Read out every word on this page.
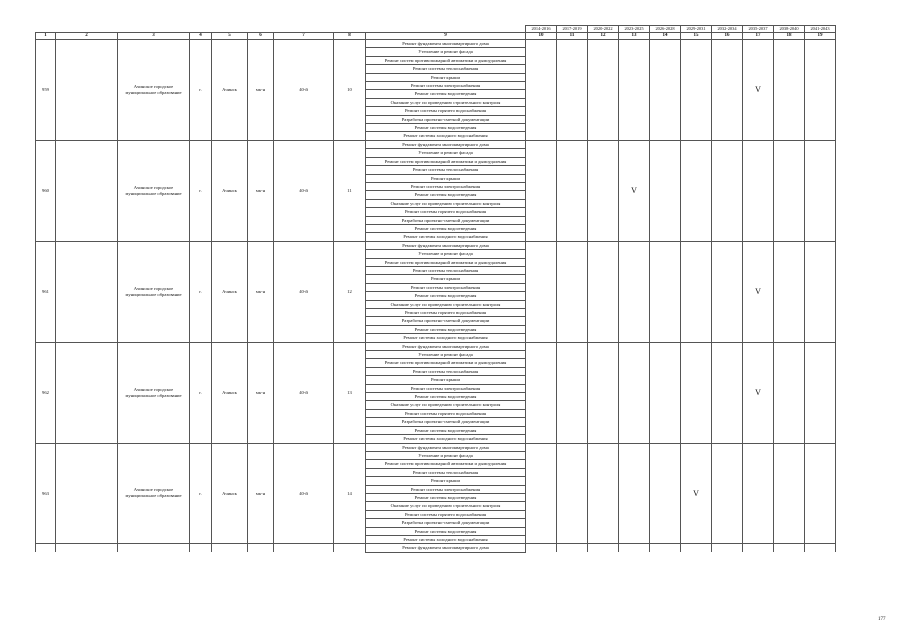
									2014-2016	2017-2019	2020-2022	2023-2025	2026-2028	2029-2031	2032-2034	2035-2037	2038-2040	2041-2043
1	2	3	4	5	6	7	8	9	10	11	12	13	14	15	16	17	18	19
959		Ачинское городское муниципальное образование	г.	Ачинск	мк-н	40-й	10	Ремонт фундамента многоквартирного дома								V		
								Утепление и ремонт фасада										
								Ремонт систем противопожарной автоматики и дымоудаления										
								Ремонт системы теплоснабжения										
								Ремонт крыши										
								Ремонт системы электроснабжения										
								Ремонт системы водоотведения										
								Оказание услуг по проведению строительного контроля										
								Ремонт системы горячего водоснабжения										
								Разработка проектно-сметной документации										
								Ремонт системы водоотведения										
								Ремонт системы холодного водоснабжения										
960		Ачинское городское муниципальное образование	г.	Ачинск	мк-н	40-й	11	Ремонт фундамента многоквартирного дома				V						
								Утепление и ремонт фасада										
								Ремонт систем противопожарной автоматики и дымоудаления										
								Ремонт системы теплоснабжения										
								Ремонт крыши										
								Ремонт системы электроснабжения										
								Ремонт системы водоотведения										
								Оказание услуг по проведению строительного контроля										
								Ремонт системы горячего водоснабжения										
								Разработка проектно-сметной документации										
								Ремонт системы водоотведения										
								Ремонт системы холодного водоснабжения										
961		Ачинское городское муниципальное образование	г.	Ачинск	мк-н	40-й	12	Ремонт фундамента многоквартирного дома								V		
								Утепление и ремонт фасада										
								Ремонт систем противопожарной автоматики и дымоудаления										
								Ремонт системы теплоснабжения										
								Ремонт крыши										
								Ремонт системы электроснабжения										
								Ремонт системы водоотведения										
								Оказание услуг по проведению строительного контроля										
								Ремонт системы горячего водоснабжения										
								Разработка проектно-сметной документации										
								Ремонт системы водоотведения										
								Ремонт системы холодного водоснабжения										
962		Ачинское городское муниципальное образование	г.	Ачинск	мк-н	40-й	13	Ремонт фундамента многоквартирного дома								V		
								Утепление и ремонт фасада										
								Ремонт систем противопожарной автоматики и дымоудаления										
								Ремонт системы теплоснабжения										
								Ремонт крыши										
								Ремонт системы электроснабжения										
								Ремонт системы водоотведения										
								Оказание услуг по проведению строительного контроля										
								Ремонт системы горячего водоснабжения										
								Разработка проектно-сметной документации										
								Ремонт системы водоотведения										
								Ремонт системы холодного водоснабжения										
963		Ачинское городское муниципальное образование	г.	Ачинск	мк-н	40-й	14	Ремонт фундамента многоквартирного дома						V				
								Утепление и ремонт фасада										
								Ремонт систем противопожарной автоматики и дымоудаления										
								Ремонт системы теплоснабжения										
								Ремонт крыши										
								Ремонт системы электроснабжения										
								Ремонт системы водоотведения										
								Оказание услуг по проведению строительного контроля										
								Ремонт системы горячего водоснабжения										
								Разработка проектно-сметной документации										
								Ремонт системы водоотведения										
								Ремонт системы холодного водоснабжения										
								Ремонт фундамента многоквартирного дома										
177
